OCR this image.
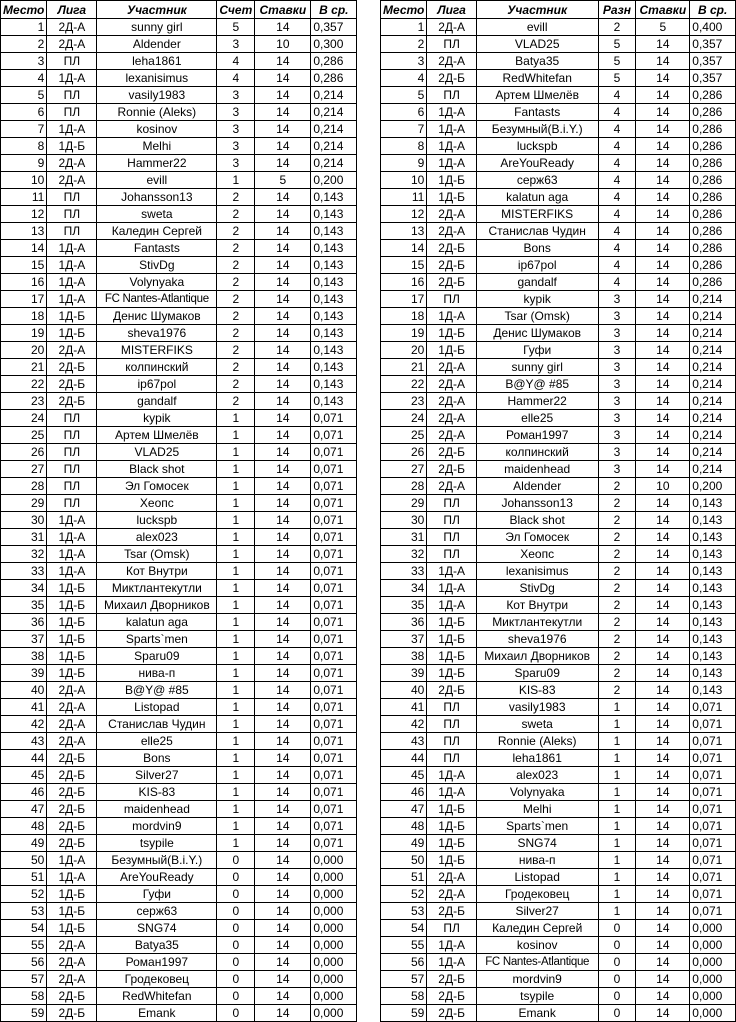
Место	Лига	Участник	Счет	Ставки	В ср.
1	2Д-А	sunny girl	5	14	0,357
2	2Д-А	Aldender	3	10	0,300
3	ПЛ	leha1861	4	14	0,286
4	1Д-А	lexanisimus	4	14	0,286
5	ПЛ	vasily1983	3	14	0,214
6	ПЛ	Ronnie (Aleks)	3	14	0,214
7	1Д-А	kosinov	3	14	0,214
8	1Д-Б	Melhi	3	14	0,214
9	2Д-А	Hammer22	3	14	0,214
10	2Д-А	evill	1	5	0,200
11	ПЛ	Johansson13	2	14	0,143
12	ПЛ	sweta	2	14	0,143
13	ПЛ	Каледин Сергей	2	14	0,143
14	1Д-А	Fantasts	2	14	0,143
15	1Д-А	StivDg	2	14	0,143
16	1Д-А	Volynyaka	2	14	0,143
17	1Д-А	FC Nantes-Atlantique	2	14	0,143
18	1Д-Б	Денис Шумаков	2	14	0,143
19	1Д-Б	sheva1976	2	14	0,143
20	2Д-А	MISTERFIKS	2	14	0,143
21	2Д-Б	колпинский	2	14	0,143
22	2Д-Б	ip67pol	2	14	0,143
23	2Д-Б	gandalf	2	14	0,143
24	ПЛ	kypik	1	14	0,071
25	ПЛ	Артем Шмелёв	1	14	0,071
26	ПЛ	VLAD25	1	14	0,071
27	ПЛ	Black shot	1	14	0,071
28	ПЛ	Эл Гомосек	1	14	0,071
29	ПЛ	Хеопс	1	14	0,071
30	1Д-А	lucksрb	1	14	0,071
31	1Д-А	alex023	1	14	0,071
32	1Д-А	Tsar (Omsk)	1	14	0,071
33	1Д-А	Кот Внутри	1	14	0,071
34	1Д-Б	Миктлантекутли	1	14	0,071
35	1Д-Б	Михаил Дворников	1	14	0,071
36	1Д-Б	kalatun aga	1	14	0,071
37	1Д-Б	Sparts`men	1	14	0,071
38	1Д-Б	Sparu09	1	14	0,071
39	1Д-Б	нива-п	1	14	0,071
40	2Д-А	B@Y@ #85	1	14	0,071
41	2Д-А	Listopad	1	14	0,071
42	2Д-А	Станислав Чудин	1	14	0,071
43	2Д-А	elle25	1	14	0,071
44	2Д-Б	Bons	1	14	0,071
45	2Д-Б	Silver27	1	14	0,071
46	2Д-Б	KIS-83	1	14	0,071
47	2Д-Б	maidenhead	1	14	0,071
48	2Д-Б	mordvin9	1	14	0,071
49	2Д-Б	tsypile	1	14	0,071
50	1Д-А	Безумный(B.i.Y.)	0	14	0,000
51	1Д-А	AreYouReady	0	14	0,000
52	1Д-Б	Гуфи	0	14	0,000
53	1Д-Б	серж63	0	14	0,000
54	1Д-Б	SNG74	0	14	0,000
55	2Д-А	Batya35	0	14	0,000
56	2Д-А	Роман1997	0	14	0,000
57	2Д-А	Гродековец	0	14	0,000
58	2Д-Б	RedWhitefan	0	14	0,000
59	2Д-Б	Emank	0	14	0,000
Место	Лига	Участник	Разн	Ставки	В ср.
1	2Д-А	evill	2	5	0,400
2	ПЛ	VLAD25	5	14	0,357
3	2Д-А	Batya35	5	14	0,357
4	2Д-Б	RedWhitefan	5	14	0,357
5	ПЛ	Артем Шмелёв	4	14	0,286
6	1Д-А	Fantasts	4	14	0,286
7	1Д-А	Безумный(B.i.Y.)	4	14	0,286
8	1Д-А	lucksрb	4	14	0,286
9	1Д-А	AreYouReady	4	14	0,286
10	1Д-Б	серж63	4	14	0,286
11	1Д-Б	kalatun aga	4	14	0,286
12	2Д-А	MISTERFIKS	4	14	0,286
13	2Д-А	Станислав Чудин	4	14	0,286
14	2Д-Б	Bons	4	14	0,286
15	2Д-Б	ip67pol	4	14	0,286
16	2Д-Б	gandalf	4	14	0,286
17	ПЛ	kypik	3	14	0,214
18	1Д-А	Tsar (Omsk)	3	14	0,214
19	1Д-Б	Денис Шумаков	3	14	0,214
20	1Д-Б	Гуфи	3	14	0,214
21	2Д-А	sunny girl	3	14	0,214
22	2Д-А	B@Y@ #85	3	14	0,214
23	2Д-А	Hammer22	3	14	0,214
24	2Д-А	elle25	3	14	0,214
25	2Д-А	Роман1997	3	14	0,214
26	2Д-Б	колпинский	3	14	0,214
27	2Д-Б	maidenhead	3	14	0,214
28	2Д-А	Aldender	2	10	0,200
29	ПЛ	Johansson13	2	14	0,143
30	ПЛ	Black shot	2	14	0,143
31	ПЛ	Эл Гомосек	2	14	0,143
32	ПЛ	Хеопс	2	14	0,143
33	1Д-А	lexanisimus	2	14	0,143
34	1Д-А	StivDg	2	14	0,143
35	1Д-А	Кот Внутри	2	14	0,143
36	1Д-Б	Миктлантекутли	2	14	0,143
37	1Д-Б	sheva1976	2	14	0,143
38	1Д-Б	Михаил Дворников	2	14	0,143
39	1Д-Б	Sparu09	2	14	0,143
40	2Д-Б	KIS-83	2	14	0,143
41	ПЛ	vasily1983	1	14	0,071
42	ПЛ	sweta	1	14	0,071
43	ПЛ	Ronnie (Aleks)	1	14	0,071
44	ПЛ	leha1861	1	14	0,071
45	1Д-А	alex023	1	14	0,071
46	1Д-А	Volynyaka	1	14	0,071
47	1Д-Б	Melhi	1	14	0,071
48	1Д-Б	Sparts`men	1	14	0,071
49	1Д-Б	SNG74	1	14	0,071
50	1Д-Б	нива-п	1	14	0,071
51	2Д-А	Listopad	1	14	0,071
52	2Д-А	Гродековец	1	14	0,071
53	2Д-Б	Silver27	1	14	0,071
54	ПЛ	Каледин Сергей	0	14	0,000
55	1Д-А	kosinov	0	14	0,000
56	1Д-А	FC Nantes-Atlantique	0	14	0,000
57	2Д-Б	mordvin9	0	14	0,000
58	2Д-Б	tsypile	0	14	0,000
59	2Д-Б	Emank	0	14	0,000
